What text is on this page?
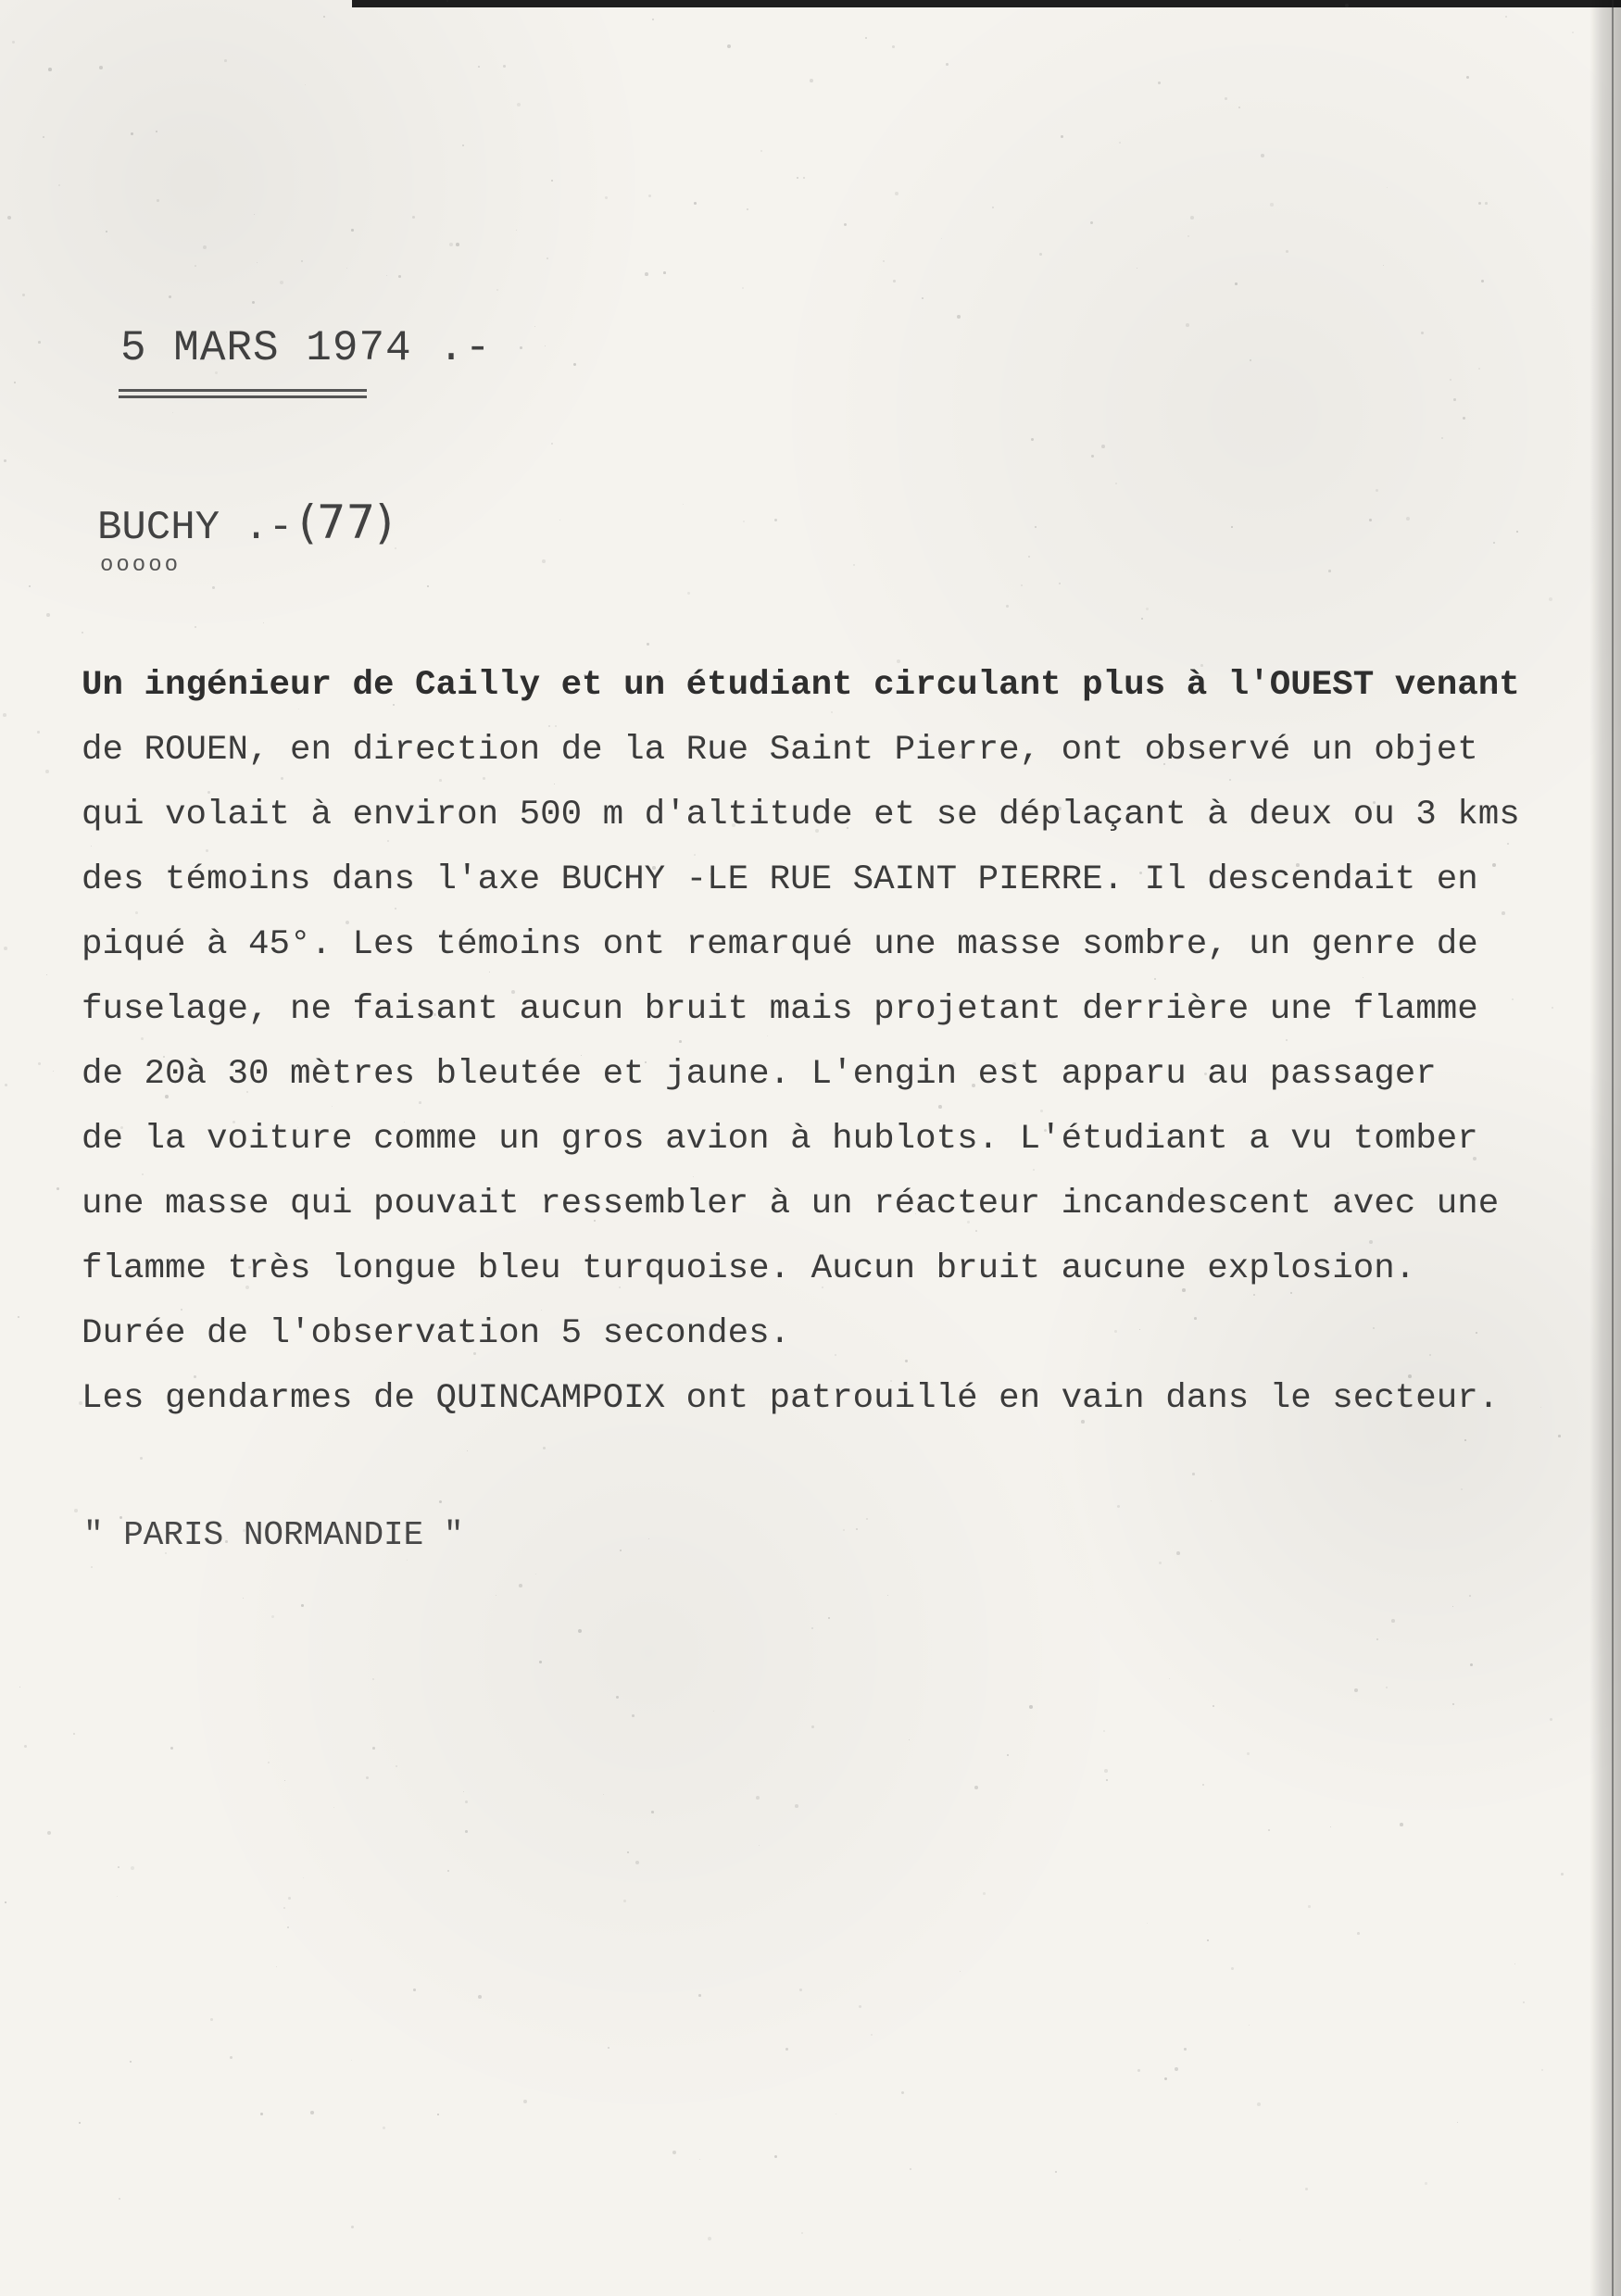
5 MARS 1974 .-
BUCHY .- (77)
ooooo
Un ingénieur de Cailly et un étudiant circulant plus à l'OUEST venant
de ROUEN, en direction de la Rue Saint Pierre, ont observé un objet
qui volait à environ 500 m d'altitude et se déplaçant à deux ou 3 kms
des témoins dans l'axe BUCHY -LE RUE SAINT PIERRE. Il descendait en
piqué à 45°. Les témoins ont remarqué une masse sombre, un genre de
fuselage, ne faisant aucun bruit mais projetant derrière une flamme
de 20à 30 mètres bleutée et jaune. L'engin est apparu au passager
de la voiture comme un gros avion à hublots. L'étudiant a vu tomber
une masse qui pouvait ressembler à un réacteur incandescent avec une
flamme très longue bleu turquoise. Aucun bruit aucune explosion.
Durée de l'observation 5 secondes.
Les gendarmes de QUINCAMPOIX ont patrouillé en vain dans le secteur.
" PARIS NORMANDIE "
